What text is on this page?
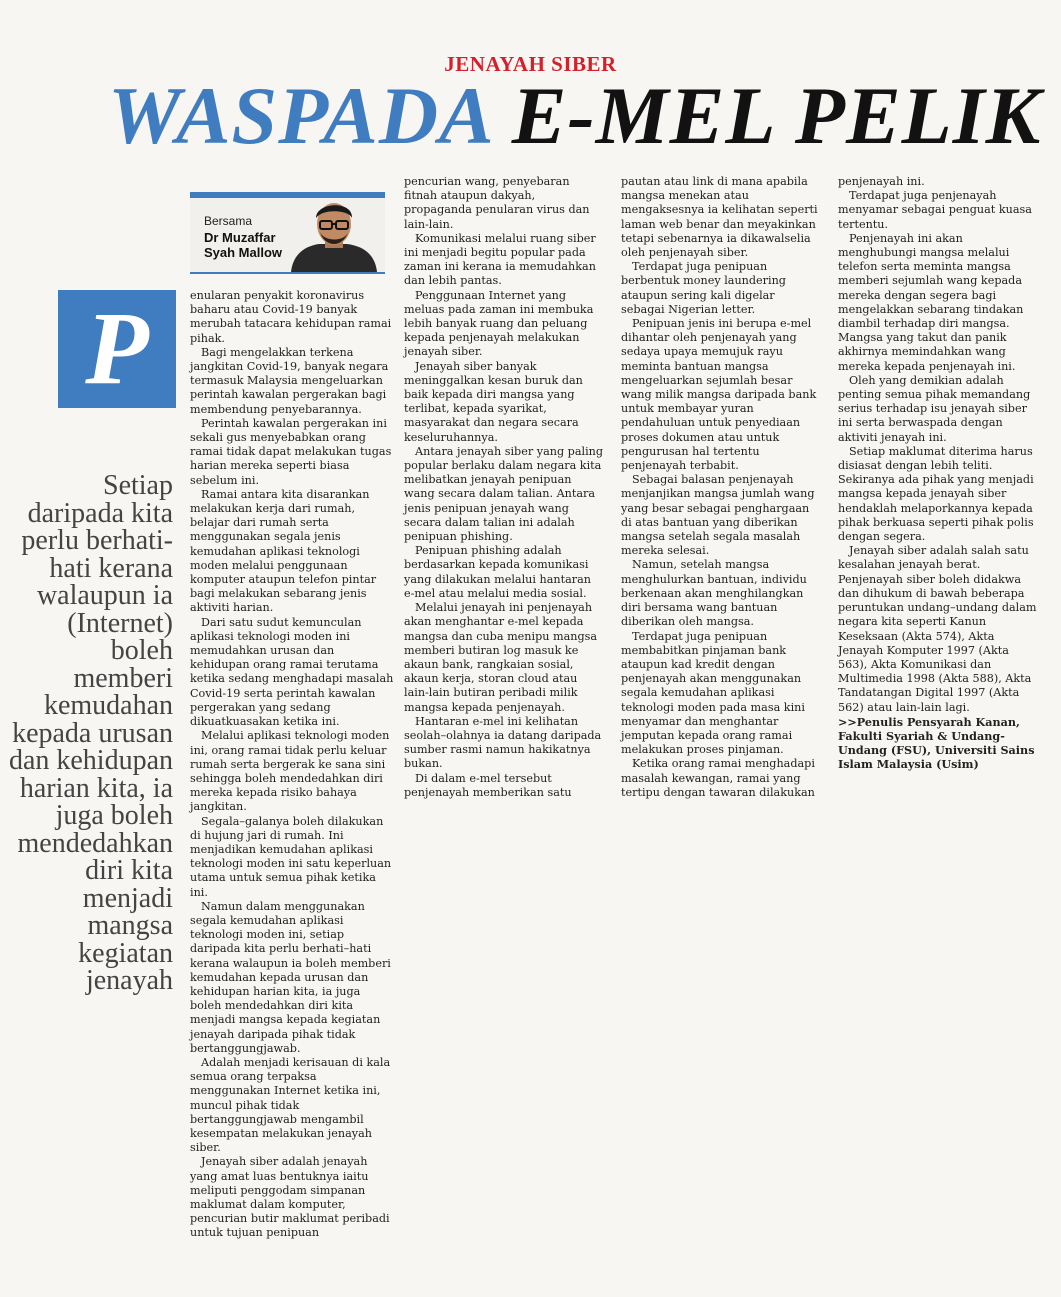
JENAYAH SIBER
WASPADA E-MEL PELIK
Bersama
Dr Muzaffar Syah Mallow
P
Setiap daripada kita perlu berhati-hati kerana walaupun ia (Internet) boleh memberi kemudahan kepada urusan dan kehidupan harian kita, ia juga boleh mendedahkan diri kita menjadi mangsa kegiatan jenayah

enularan penyakit koronavirus baharu atau Covid-19 banyak merubah tatacara kehidupan ramai pihak.

Bagi mengelakkan terkena jangkitan Covid-19, banyak negara termasuk Malaysia mengeluarkan perintah kawalan pergerakan bagi membendung penyebarannya.

Perintah kawalan pergerakan ini sekali gus menyebabkan orang ramai tidak dapat melakukan tugas harian mereka seperti biasa sebelum ini.

Ramai antara kita disarankan melakukan kerja dari rumah, belajar dari rumah serta menggunakan segala jenis kemudahan aplikasi teknologi moden melalui penggunaan komputer ataupun telefon pintar bagi melakukan sebarang jenis aktiviti harian.

Dari satu sudut kemunculan aplikasi teknologi moden ini memudahkan urusan dan kehidupan orang ramai terutama ketika sedang menghadapi masalah Covid-19 serta perintah kawalan pergerakan yang sedang dikuatkuasakan ketika ini.

Melalui aplikasi teknologi moden ini, orang ramai tidak perlu keluar rumah serta bergerak ke sana sini sehingga boleh mendedahkan diri mereka kepada risiko bahaya jangkitan.

Segala–galanya boleh dilakukan di hujung jari di rumah. Ini menjadikan kemudahan aplikasi teknologi moden ini satu keperluan utama untuk semua pihak ketika ini.

Namun dalam menggunakan segala kemudahan aplikasi teknologi moden ini, setiap daripada kita perlu berhati–hati kerana walaupun ia boleh memberi kemudahan kepada urusan dan kehidupan harian kita, ia juga boleh mendedahkan diri kita menjadi mangsa kepada kegiatan jenayah daripada pihak tidak bertanggungjawab.

Adalah menjadi kerisauan di kala semua orang terpaksa menggunakan Internet ketika ini, muncul pihak tidak bertanggungjawab mengambil kesempatan melakukan jenayah siber.

Jenayah siber adalah jenayah yang amat luas bentuknya iaitu meliputi penggodam simpanan maklumat dalam komputer, pencurian butir maklumat peribadi untuk tujuan penipuan

pencurian wang, penyebaran fitnah ataupun dakyah, propaganda penularan virus dan lain-lain.

Komunikasi melalui ruang siber ini menjadi begitu popular pada zaman ini kerana ia memudahkan dan lebih pantas.

Penggunaan Internet yang meluas pada zaman ini membuka lebih banyak ruang dan peluang kepada penjenayah melakukan jenayah siber.

Jenayah siber banyak meninggalkan kesan buruk dan baik kepada diri mangsa yang terlibat, kepada syarikat, masyarakat dan negara secara keseluruhannya.

Antara jenayah siber yang paling popular berlaku dalam negara kita melibatkan jenayah penipuan wang secara dalam talian. Antara jenis penipuan jenayah wang secara dalam talian ini adalah penipuan phishing.

Penipuan phishing adalah berdasarkan kepada komunikasi yang dilakukan melalui hantaran e-mel atau melalui media sosial.

Melalui jenayah ini penjenayah akan menghantar e-mel kepada mangsa dan cuba menipu mangsa memberi butiran log masuk ke akaun bank, rangkaian sosial, akaun kerja, storan cloud atau lain-lain butiran peribadi milik mangsa kepada penjenayah.

Hantaran e-mel ini kelihatan seolah–olahnya ia datang daripada sumber rasmi namun hakikatnya bukan.

Di dalam e-mel tersebut penjenayah memberikan satu

pautan atau link di mana apabila mangsa menekan atau mengaksesnya ia kelihatan seperti laman web benar dan meyakinkan tetapi sebenarnya ia dikawalselia oleh penjenayah siber.

Terdapat juga penipuan berbentuk money laundering ataupun sering kali digelar sebagai Nigerian letter.

Penipuan jenis ini berupa e-mel dihantar oleh penjenayah yang sedaya upaya memujuk rayu meminta bantuan mangsa mengeluarkan sejumlah besar wang milik mangsa daripada bank untuk membayar yuran pendahuluan untuk penyediaan proses dokumen atau untuk pengurusan hal tertentu penjenayah terbabit.

Sebagai balasan penjenayah menjanjikan mangsa jumlah wang yang besar sebagai penghargaan di atas bantuan yang diberikan mangsa setelah segala masalah mereka selesai.

Namun, setelah mangsa menghulurkan bantuan, individu berkenaan akan menghilangkan diri bersama wang bantuan diberikan oleh mangsa.

Terdapat juga penipuan membabitkan pinjaman bank ataupun kad kredit dengan penjenayah akan menggunakan segala kemudahan aplikasi teknologi moden pada masa kini menyamar dan menghantar jemputan kepada orang ramai melakukan proses pinjaman.

Ketika orang ramai menghadapi masalah kewangan, ramai yang tertipu dengan tawaran dilakukan

penjenayah ini.

Terdapat juga penjenayah menyamar sebagai penguat kuasa tertentu.

Penjenayah ini akan menghubungi mangsa melalui telefon serta meminta mangsa memberi sejumlah wang kepada mereka dengan segera bagi mengelakkan sebarang tindakan diambil terhadap diri mangsa. Mangsa yang takut dan panik akhirnya memindahkan wang mereka kepada penjenayah ini.

Oleh yang demikian adalah penting semua pihak memandang serius terhadap isu jenayah siber ini serta berwaspada dengan aktiviti jenayah ini.

Setiap maklumat diterima harus disiasat dengan lebih teliti. Sekiranya ada pihak yang menjadi mangsa kepada jenayah siber hendaklah melaporkannya kepada pihak berkuasa seperti pihak polis dengan segera.

Jenayah siber adalah salah satu kesalahan jenayah berat. Penjenayah siber boleh didakwa dan dihukum di bawah beberapa peruntukan undang–undang dalam negara kita seperti Kanun Keseksaan (Akta 574), Akta Jenayah Komputer 1997 (Akta 563), Akta Komunikasi dan Multimedia 1998 (Akta 588), Akta Tandatangan Digital 1997 (Akta 562) atau lain-lain lagi.

>>Penulis Pensyarah Kanan, Fakulti Syariah & Undang-Undang (FSU), Universiti Sains Islam Malaysia (Usim)
